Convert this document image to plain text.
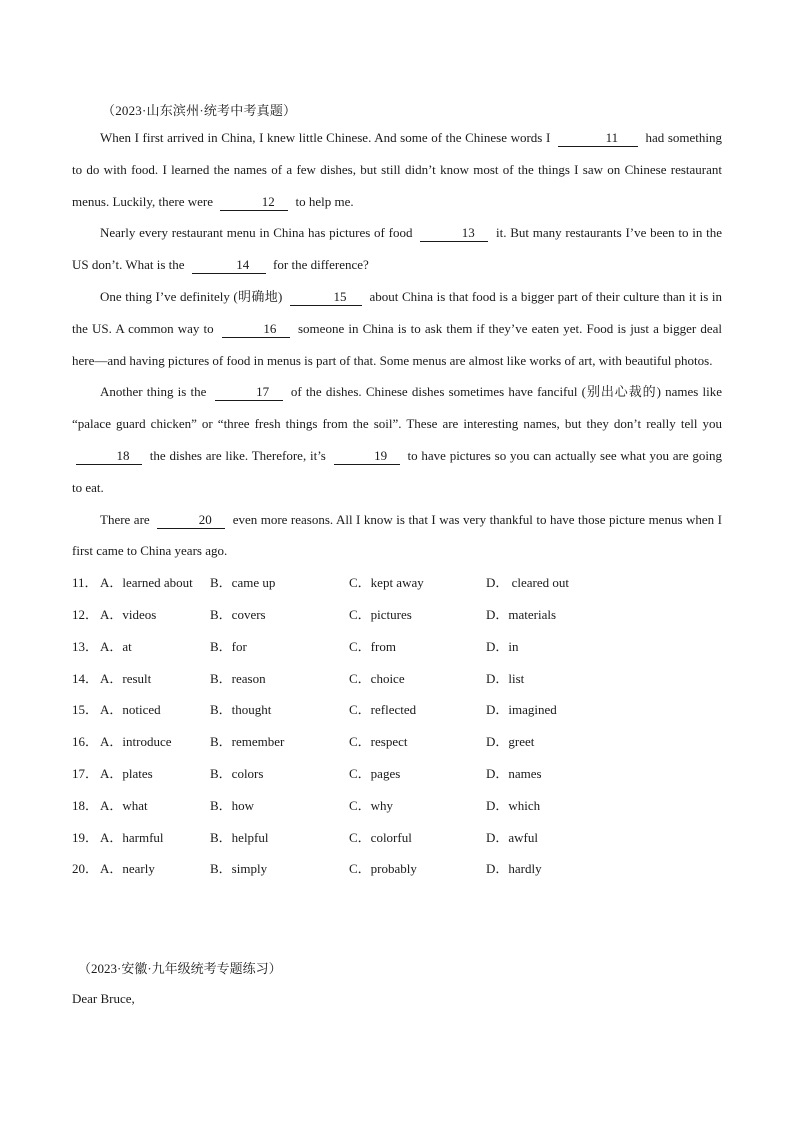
（2023·山东滨州·统考中考真题）

When I first arrived in China, I knew little Chinese. And some of the Chinese words I	11 had something to do with food. I learned the names of a few dishes, but still didn’t know most of the things I saw on Chinese restaurant menus. Luckily, there were	12 to help me.

Nearly every restaurant menu in China has pictures of food	13 it. But many restaurants I’ve been to in the US don’t. What is the	14 for the difference?

One thing I’ve definitely (明确地)	15 about China is that food is a bigger part of their culture than it is in the US. A common way to	16 someone in China is to ask them if they’ve eaten yet. Food is just a bigger deal here—and having pictures of food in menus is part of that. Some menus are almost like works of art, with beautiful photos.

Another thing is the	17 of the dishes. Chinese dishes sometimes have fanciful (别出心裁的) names like “palace guard chicken” or “three fresh things from the soil”. These are interesting names, but they don’t really tell you 18 the dishes are like. Therefore, it’s	19 to have pictures so you can actually see what you are going to eat.

There are	20 even more reasons. All I know is that I was very thankful to have those picture menus when I first came to China years ago.

11． A．learned about B．came up	C．kept away	D． cleared out
12． A．videos	B．covers	C．pictures	D．materials
13． A．at	B．for	C．from	D．in
14． A．result	B．reason	C．choice	D．list
15． A．noticed	B．thought	C．reflected	D．imagined
16． A．introduce	B．remember	C．respect	D．greet
17． A．plates	B．colors	C．pages	D．names
18． A．what	B．how	C．why	D．which
19． A．harmful	B．helpful	C．colorful	D．awful
20． A．nearly	B．simply	C．probably	D．hardly
（2023·安徽·九年级统考专题练习）
Dear Bruce,
